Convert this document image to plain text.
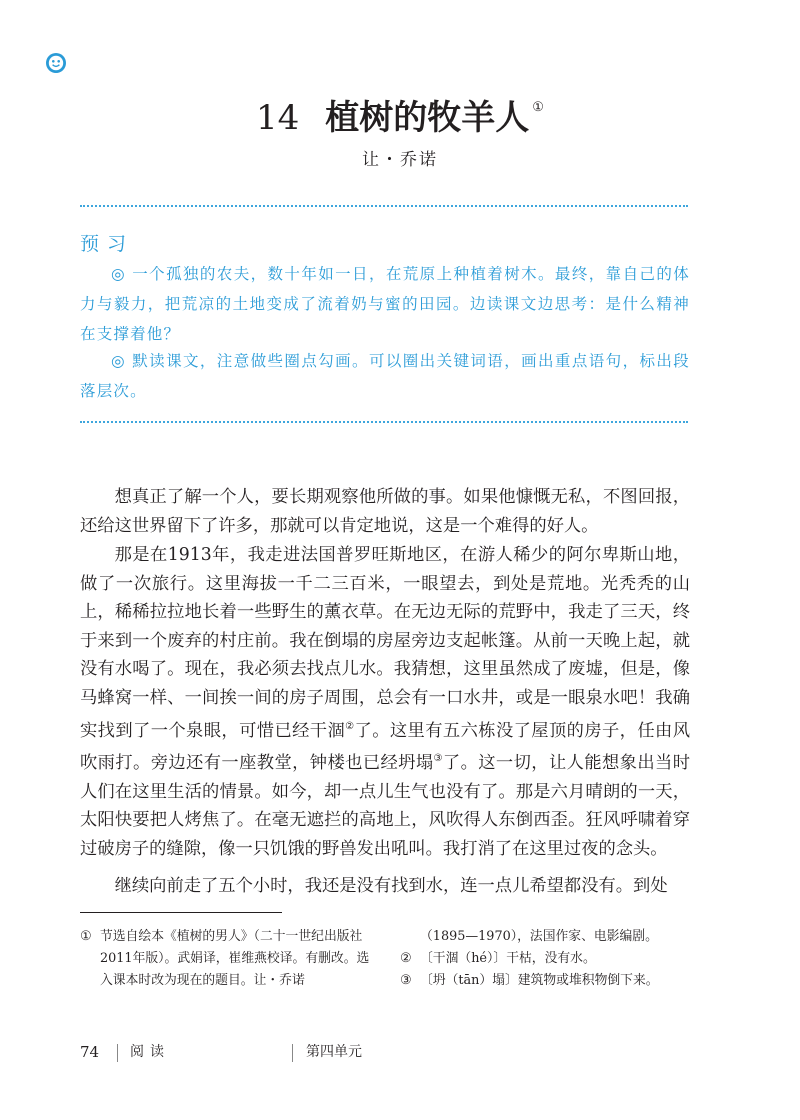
14 植树的牧羊人 ①
让・乔诺
预习

◎ 一个孤独的农夫，数十年如一日，在荒原上种植着树木。最终，靠自己的体力与毅力，把荒凉的土地变成了流着奶与蜜的田园。边读课文边思考：是什么精神在支撑着他？

◎ 默读课文，注意做些圈点勾画。可以圈出关键词语，画出重点语句，标出段落层次。

想真正了解一个人，要长期观察他所做的事。如果他慷慨无私，不图回报，还给这世界留下了许多，那就可以肯定地说，这是一个难得的好人。

那是在1913年，我走进法国普罗旺斯地区，在游人稀少的阿尔卑斯山地，做了一次旅行。这里海拔一千二三百米，一眼望去，到处是荒地。光秃秃的山上，稀稀拉拉地长着一些野生的薰衣草。在无边无际的荒野中，我走了三天，终于来到一个废弃的村庄前。我在倒塌的房屋旁边支起帐篷。从前一天晚上起，就没有水喝了。现在，我必须去找点儿水。我猜想，这里虽然成了废墟，但是，像马蜂窝一样、一间挨一间的房子周围，总会有一口水井，或是一眼泉水吧！我确实找到了一个泉眼，可惜已经干涸②了。这里有五六栋没了屋顶的房子，任由风吹雨打。旁边还有一座教堂，钟楼也已经坍塌③了。这一切，让人能想象出当时人们在这里生活的情景。如今，却一点儿生气也没有了。那是六月晴朗的一天，太阳快要把人烤焦了。在毫无遮拦的高地上，风吹得人东倒西歪。狂风呼啸着穿过破房子的缝隙，像一只饥饿的野兽发出吼叫。我打消了在这里过夜的念头。

继续向前走了五个小时，我还是没有找到水，连一点儿希望都没有。到处

① 节选自绘本《植树的男人》（二十一世纪出版社2011年版）。武娟译，崔维燕校译。有删改。选入课本时改为现在的题目。让・乔诺

（1895—1970），法国作家、电影编剧。

② 〔干涸（hé）〕干枯，没有水。

③ 〔坍（tān）塌〕建筑物或堆积物倒下来。

74 阅读	第四单元
